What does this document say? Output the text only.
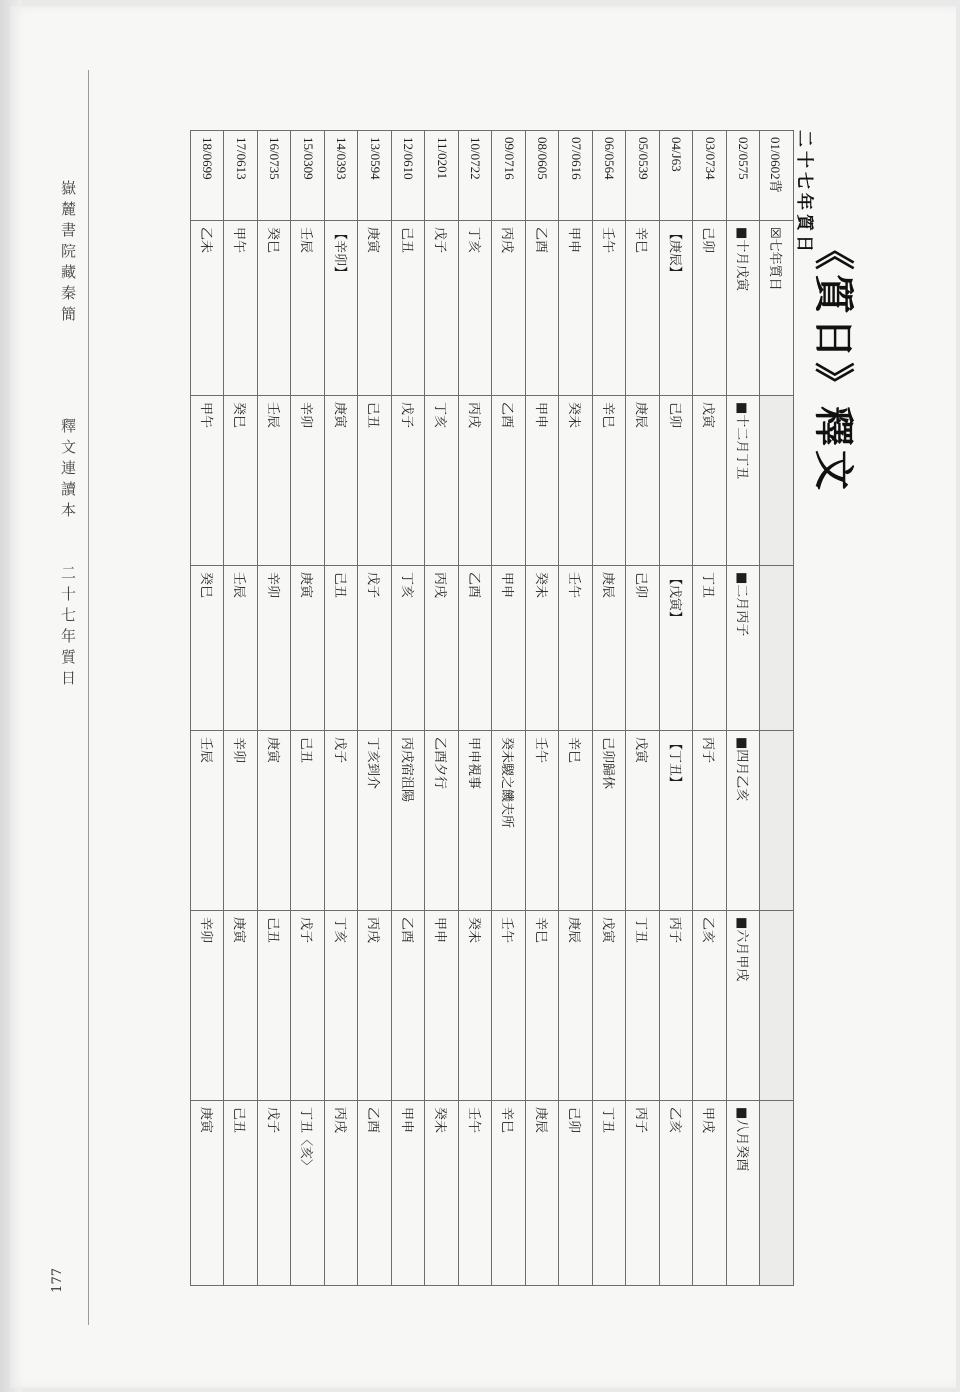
嶽麓書院藏秦簡
釋文連讀本　　二十七年質日
177
《質日》釋文
二十七年質日
01/0602背	☒七年質日					
02/0575	■十月戊寅	■十二月丁丑	■二月丙子	■四月乙亥	■六月甲戌	■八月癸酉
03/0734	己卯	戊寅	丁丑	丙子	乙亥	甲戌
04/J63	【庚辰】	己卯	【戊寅】	【丁丑】	丙子	乙亥
05/0539	辛巳	庚辰	己卯	戊寅	丁丑	丙子
06/0564	壬午	辛巳	庚辰	己卯歸休	戊寅	丁丑
07/0616	甲申	癸未	壬午	辛巳	庚辰	己卯
08/0605	乙酉	甲申	癸未	壬午	辛巳	庚辰
09/0716	丙戌	乙酉	甲申	癸未騣之饑夫所	壬午	辛巳
10/0722	丁亥	丙戌	乙酉	甲申視事	癸未	壬午
11/0201	戊子	丁亥	丙戌	乙酉夕行	甲申	癸未
12/0610	己丑	戊子	丁亥	丙戌宿沮陽	乙酉	甲申
13/0594	庚寅	己丑	戊子	丁亥到介	丙戌	乙酉
14/0393	【辛卯】	庚寅	己丑	戊子	丁亥	丙戌
15/0309	壬辰	辛卯	庚寅	己丑	戊子	丁丑〈亥〉
16/0735	癸巳	壬辰	辛卯	庚寅	己丑	戊子
17/0613	甲午	癸巳	壬辰	辛卯	庚寅	己丑
18/0699	乙未	甲午	癸巳	壬辰	辛卯	庚寅
